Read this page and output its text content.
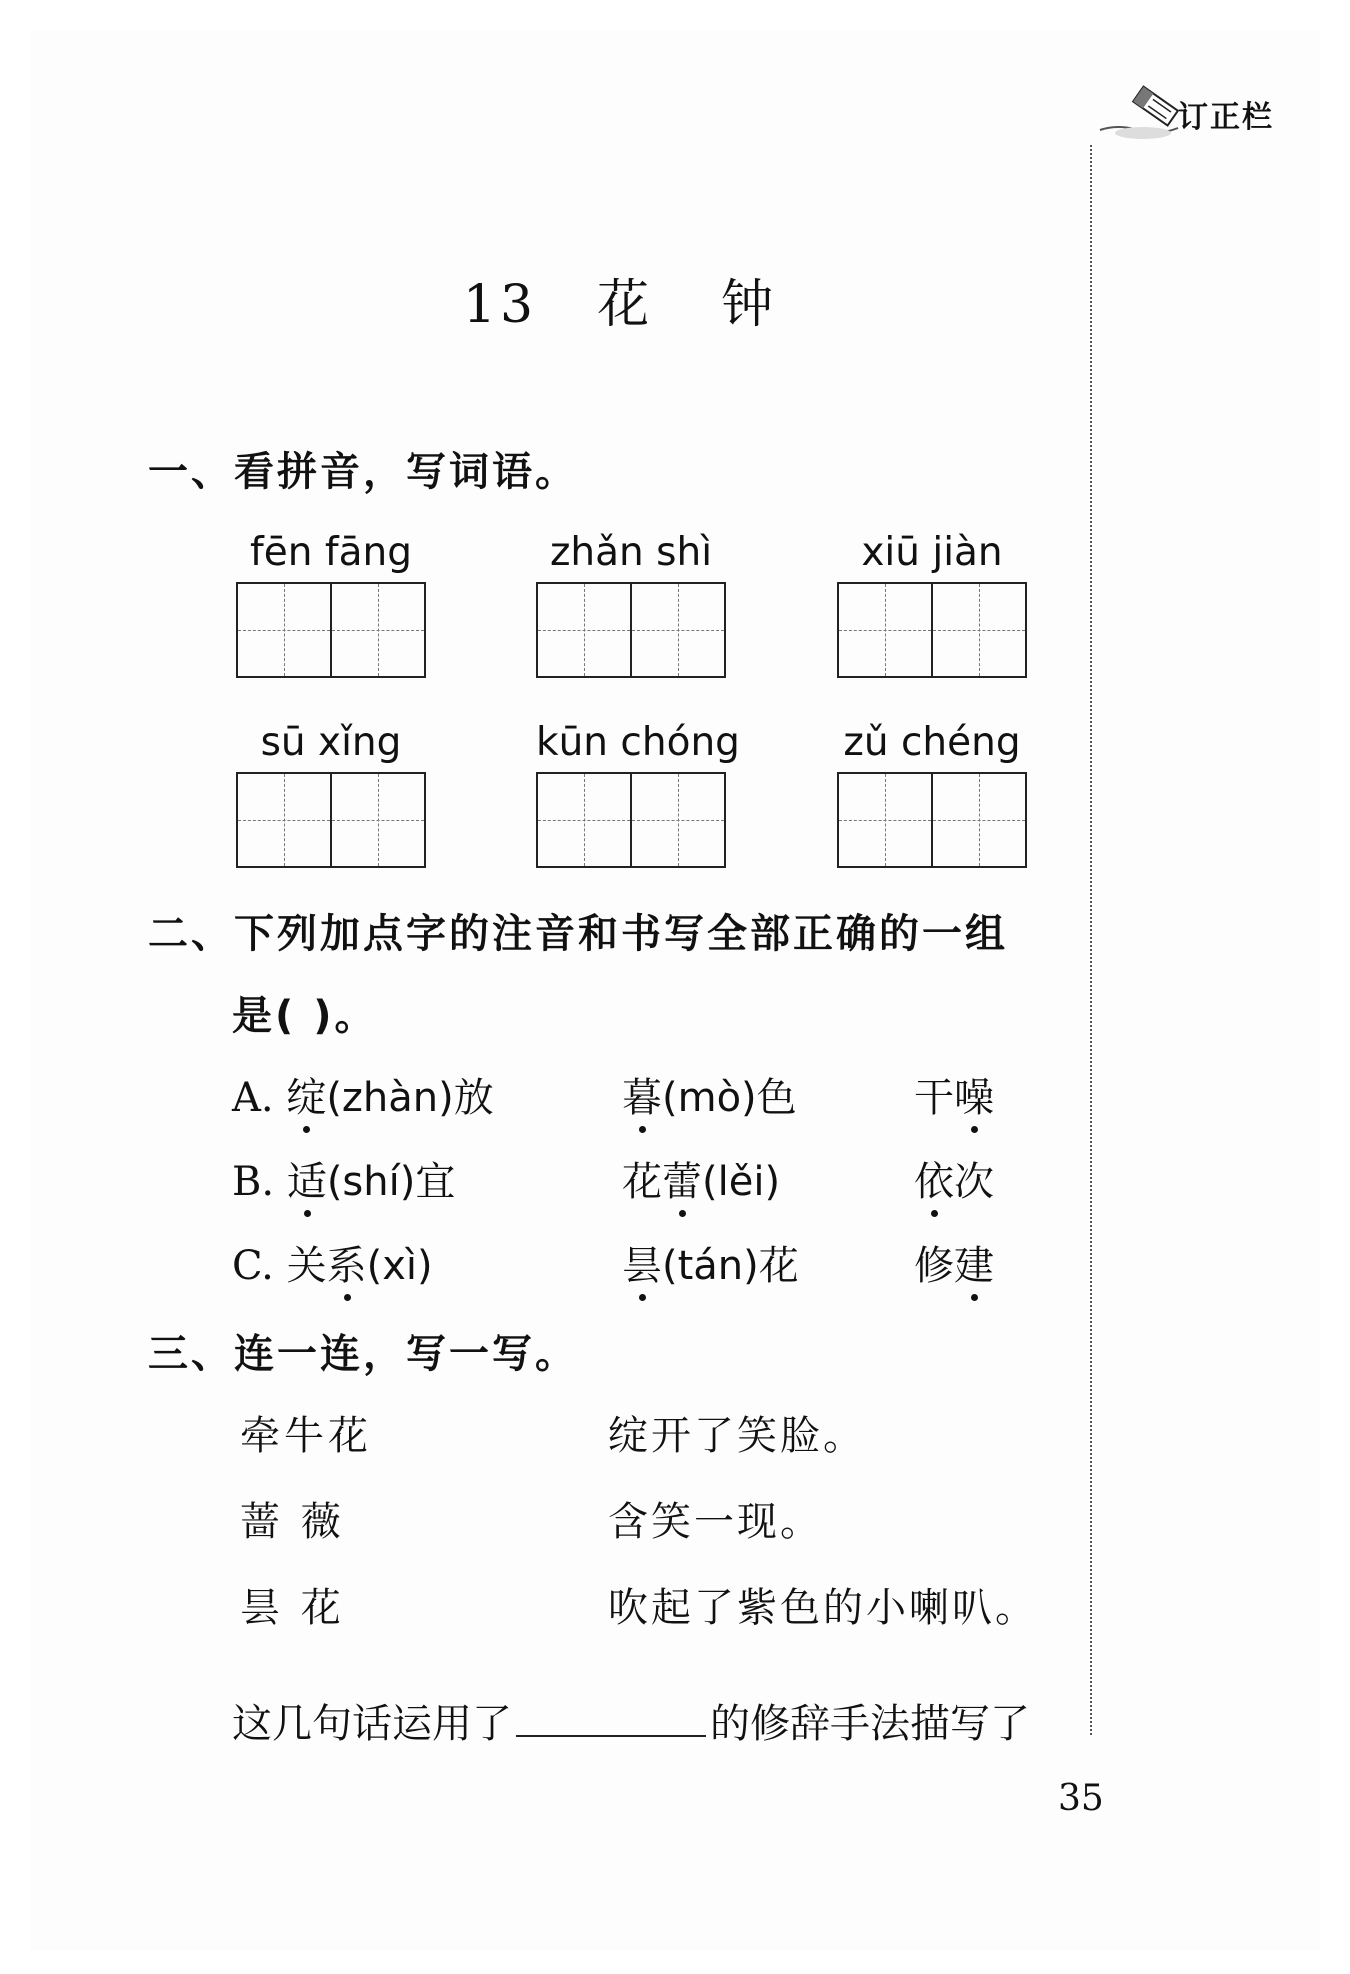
订正栏
13 花 钟
一、看拼音，写词语。
fēn fāng	zhǎn shì	xiū jiàn
sū xǐng	kūn chóng	zǔ chéng
二、下列加点字的注音和书写全部正确的一组
是( )。
A. 绽(zhàn)放	暮(mò)色	干噪
B. 适(shí)宜	花蕾(lěi)	依次
C. 关系(xì)	昙(tán)花	修建
三、连一连，写一写。
牵牛花	绽开了笑脸。
蔷 薇	含笑一现。
昙 花	吹起了紫色的小喇叭。
这几句话运用了	的修辞手法描写了
35
